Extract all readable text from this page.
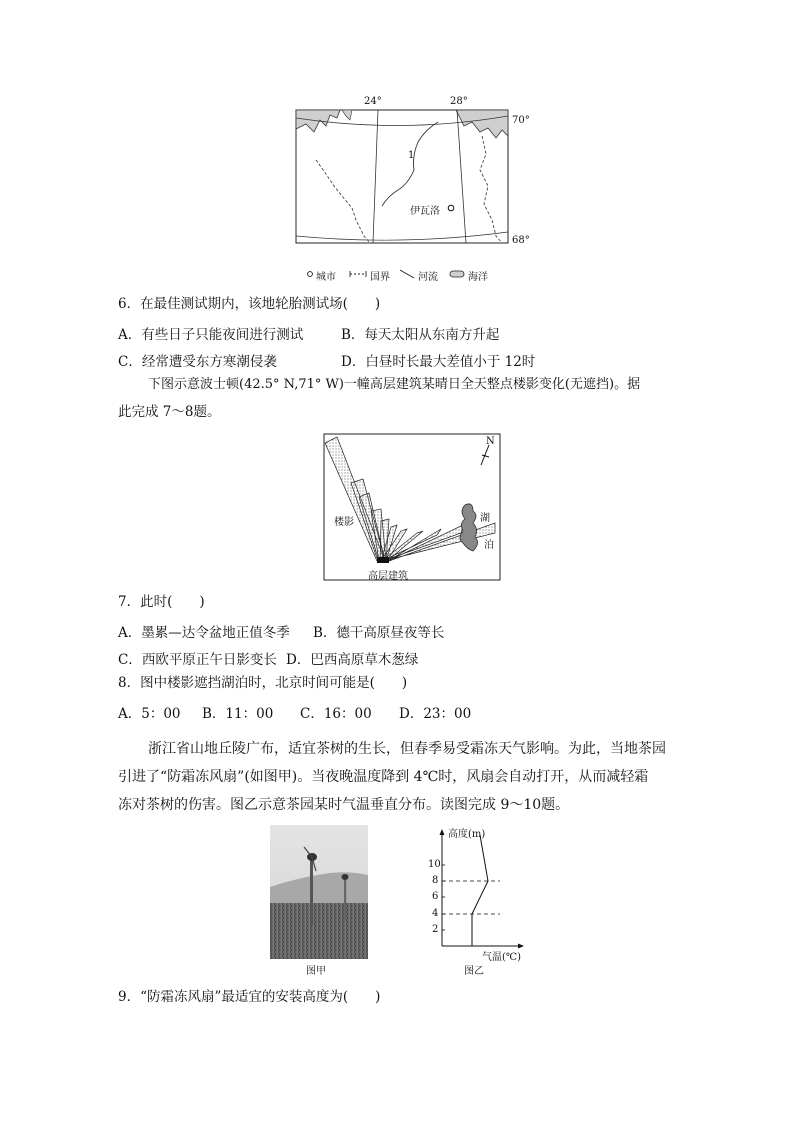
24°	28°
70°
68°
1
伊瓦洛
城市	国界	河流	海洋
6．在最佳测试期内，该地轮胎测试场(　　)
A．有些日子只能夜间进行测试	B．每天太阳从东南方升起
C．经常遭受东方寒潮侵袭	D．白昼时长最大差值小于 12时
下图示意波士顿(42.5° N,71° W)一幢高层建筑某晴日全天整点楼影变化(无遮挡)。据
此完成 7～8题。
N
楼影
高层建筑
湖
泊
7．此时(　　)
A．墨累—达令盆地正值冬季 B．德干高原昼夜等长
C．西欧平原正午日影变长 D．巴西高原草木葱绿
8．图中楼影遮挡湖泊时，北京时间可能是(　　)
A．5：00 B．11：00 C．16：00 D．23：00
浙江省山地丘陵广布，适宜茶树的生长，但春季易受霜冻天气影响。为此，当地茶园
引进了“防霜冻风扇”(如图甲)。当夜晚温度降到 4℃时，风扇会自动打开，从而减轻霜
冻对茶树的伤害。图乙示意茶园某时气温垂直分布。读图完成 9～10题。
图甲
高度(m)
10
8
6
4
2
气温(℃)
图乙
9．“防霜冻风扇”最适宜的安装高度为(　　)
